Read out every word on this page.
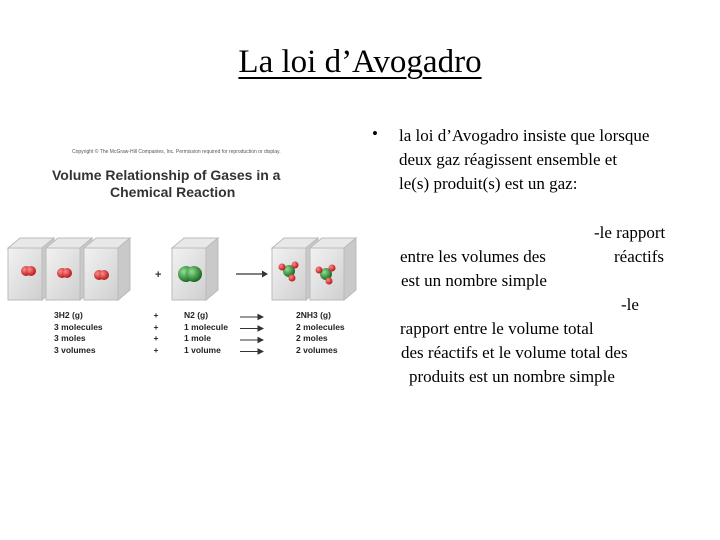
La loi d’Avogadro
Copyright © The McGraw-Hill Companies, Inc. Permission required for reproduction or display.
Volume Relationship of Gases in a
Chemical Reaction
+
3H2 (g)
3 molecules
3 moles
3 volumes
+
+
+
+
N2 (g)
1 molecule
1 mole
1 volume
2NH3 (g)
2 molecules
2 moles
2 volumes
• la loi d’Avogadro insiste que lorsque
deux gaz réagissent ensemble et
le(s) produit(s) est un gaz:
-le rapport
entre les volumes des	réactifs
est un nombre simple
-le
rapport entre le volume total
des réactifs et le volume total des
produits est un nombre simple
